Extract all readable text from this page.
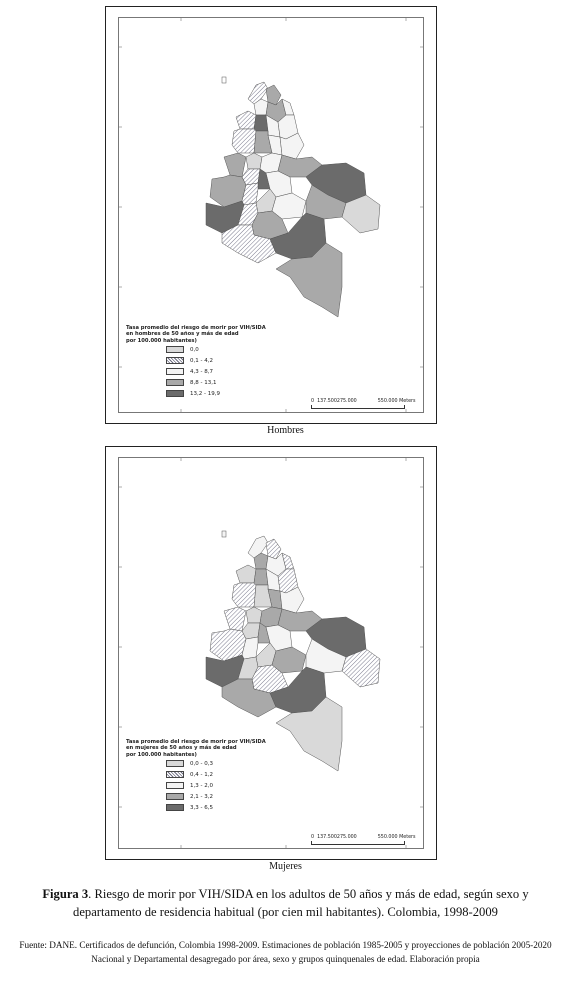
Tasa promedio del riesgo de morir por VIH/SIDA
en hombres de 50 años y más de edad
por 100.000 habitantes)
0,0
0,1 - 4,2
4,3 - 8,7
8,8 - 13,1
13,2 - 19,9
0 137.500275.000	550.000 Meters
Hombres
Tasa promedio del riesgo de morir por VIH/SIDA
en mujeres de 50 años y más de edad
por 100.000 habitantes)
0,0 - 0,3
0,4 - 1,2
1,3 - 2,0
2,1 - 3,2
3,3 - 6,5
0 137.500275.000	550.000 Meters
Mujeres
Figura 3. Riesgo de morir por VIH/SIDA en los adultos de 50 años y más de edad, según sexo y departamento de residencia habitual (por cien mil habitantes). Colombia, 1998-2009
Fuente: DANE. Certificados de defunción, Colombia 1998-2009. Estimaciones de población 1985-2005 y proyecciones de población 2005-2020 Nacional y Departamental desagregado por área, sexo y grupos quinquenales de edad. Elaboración propia
